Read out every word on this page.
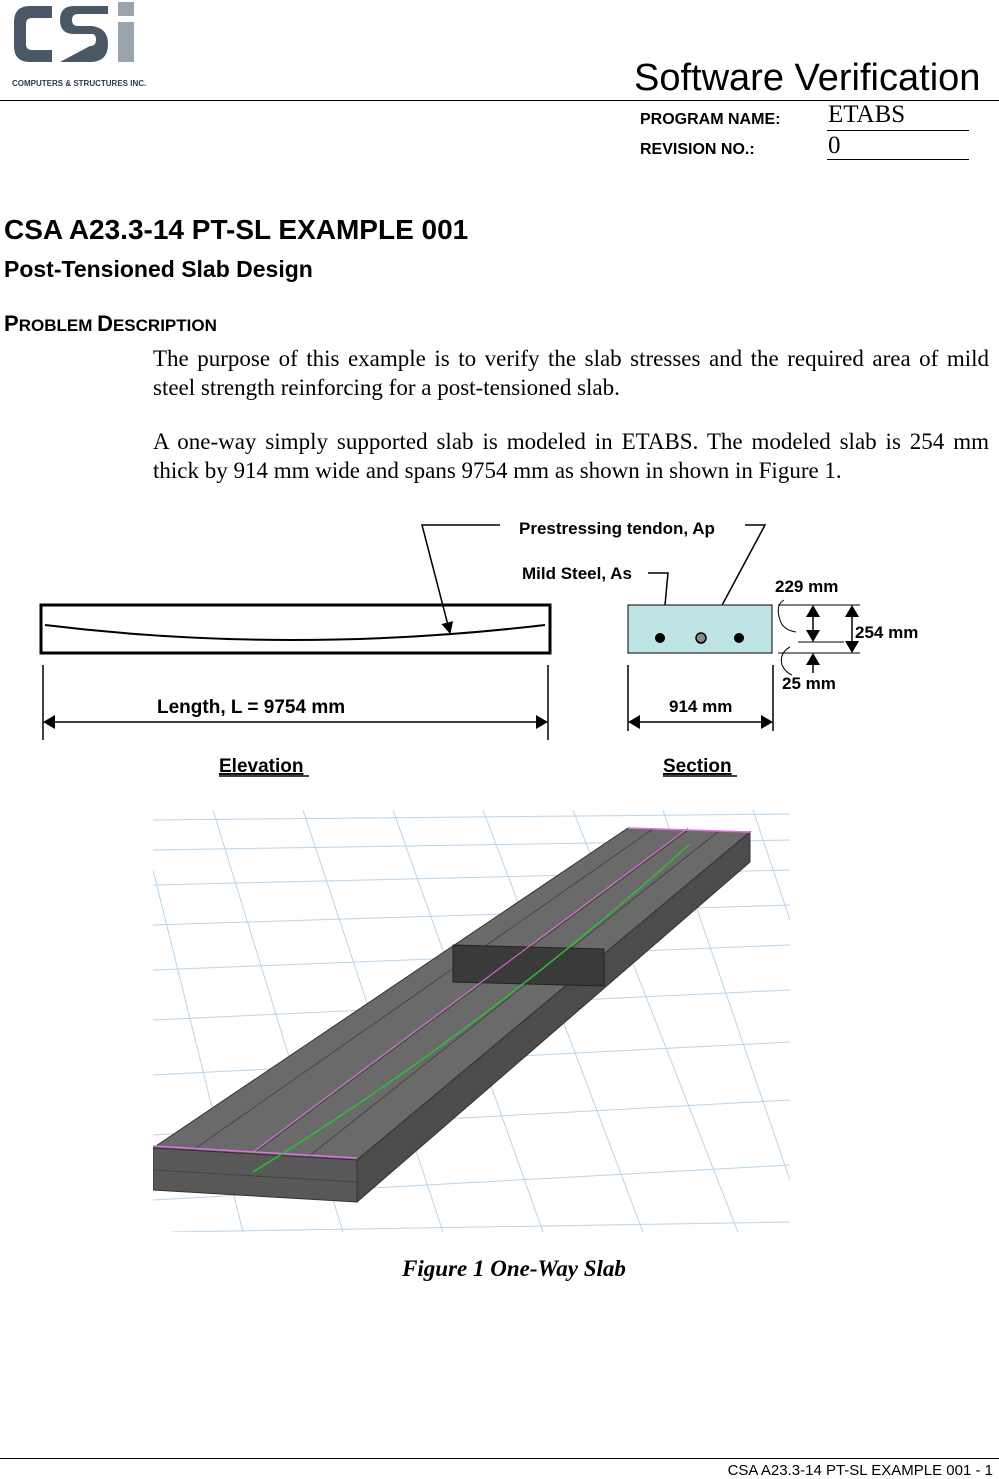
COMPUTERS & STRUCTURES INC.	Software Verification
PROGRAM NAME: ETABS
REVISION NO.:	0
CSA A23.3-14 PT-SL EXAMPLE 001
Post-Tensioned Slab Design
PROBLEM DESCRIPTION
The purpose of this example is to verify the slab stresses and the required area of mild steel strength reinforcing for a post-tensioned slab.
A one-way simply supported slab is modeled in ETABS. The modeled slab is 254 mm thick by 914 mm wide and spans 9754 mm as shown in shown in Figure 1.
Prestressing tendon, Ap
Mild Steel, As
229 mm
254 mm
25 mm
Length, L = 9754 mm	914 mm
Elevation	Section
Figure 1 One-Way Slab
CSA A23.3-14 PT-SL EXAMPLE 001 - 1
